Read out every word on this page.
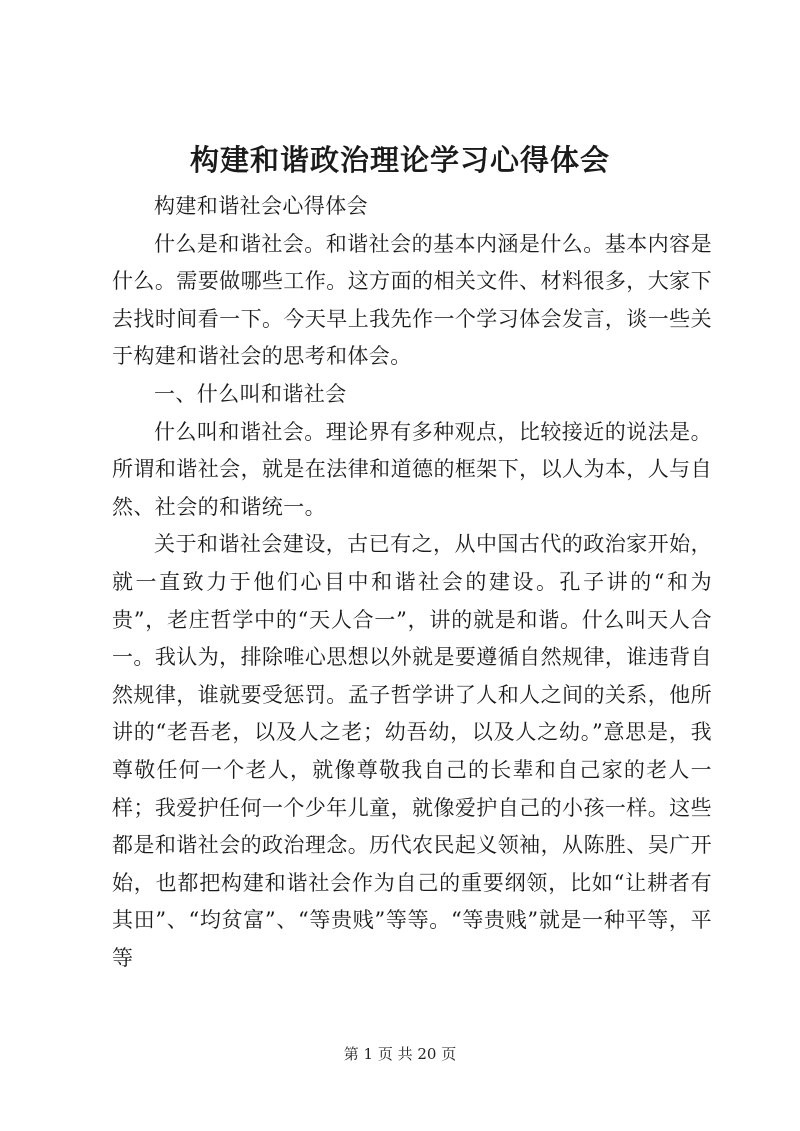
构建和谐政治理论学习心得体会

构建和谐社会心得体会

什么是和谐社会。和谐社会的基本内涵是什么。基本内容是什么。需要做哪些工作。这方面的相关文件、材料很多，大家下去找时间看一下。今天早上我先作一个学习体会发言，谈一些关于构建和谐社会的思考和体会。

一、什么叫和谐社会

什么叫和谐社会。理论界有多种观点，比较接近的说法是。所谓和谐社会，就是在法律和道德的框架下，以人为本，人与自然、社会的和谐统一。

关于和谐社会建设，古已有之，从中国古代的政治家开始，就一直致力于他们心目中和谐社会的建设。孔子讲的“和为贵”，老庄哲学中的“天人合一”，讲的就是和谐。什么叫天人合一。我认为，排除唯心思想以外就是要遵循自然规律，谁违背自然规律，谁就要受惩罚。孟子哲学讲了人和人之间的关系，他所讲的“老吾老，以及人之老；幼吾幼，以及人之幼。”意思是，我尊敬任何一个老人，就像尊敬我自己的长辈和自己家的老人一样；我爱护任何一个少年儿童，就像爱护自己的小孩一样。这些都是和谐社会的政治理念。历代农民起义领袖，从陈胜、吴广开始，也都把构建和谐社会作为自己的重要纲领，比如“让耕者有其田”、“均贫富”、“等贵贱”等等。“等贵贱”就是一种平等，平等

第 1 页 共 20 页
